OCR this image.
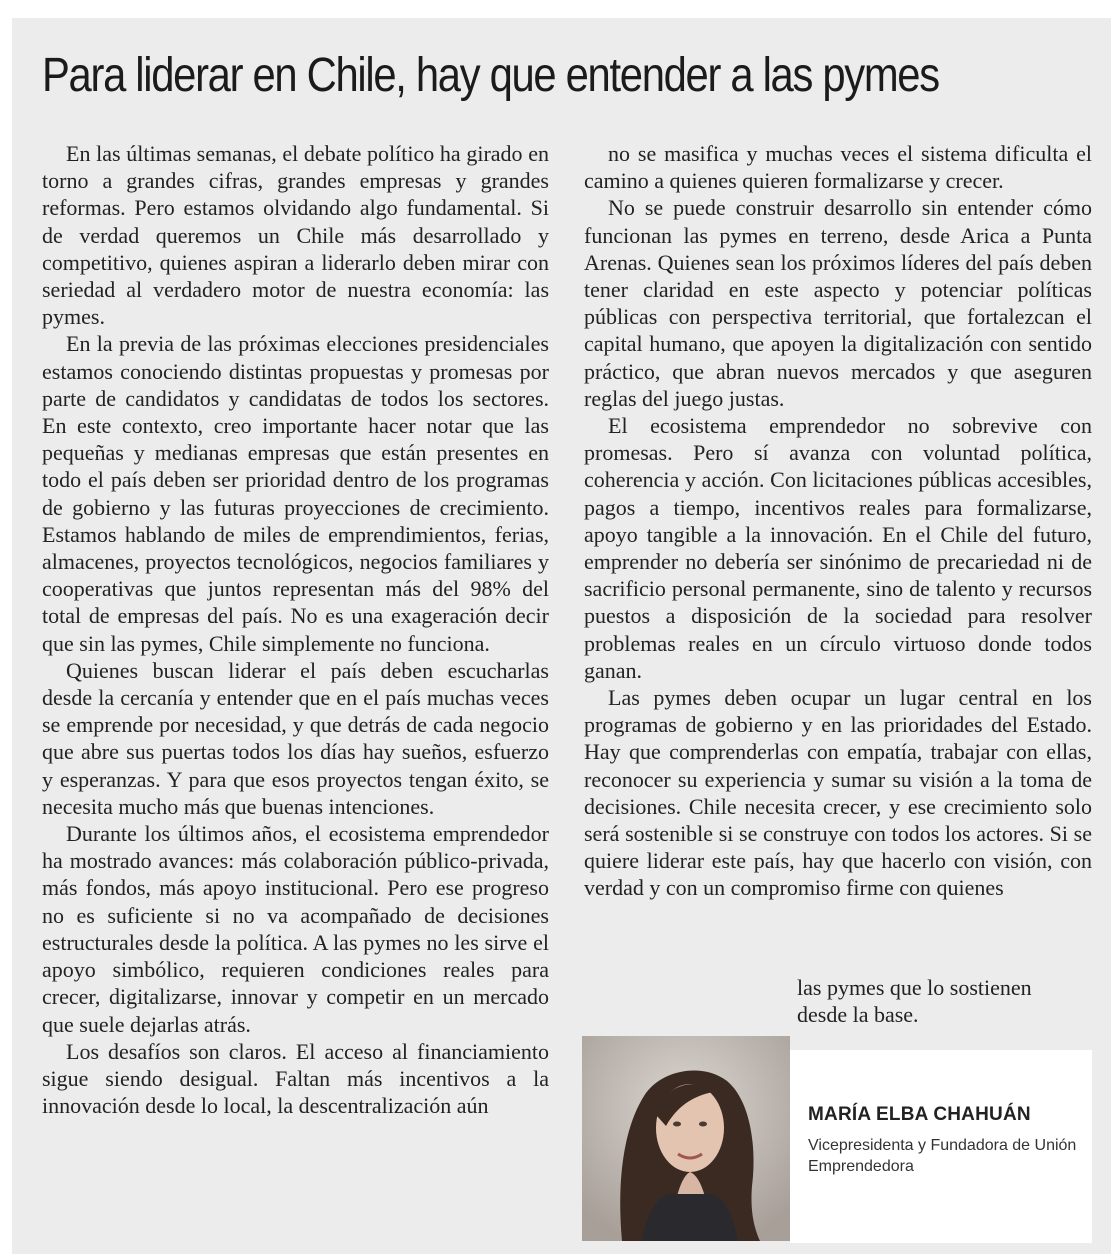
Para liderar en Chile, hay que entender a las pymes

En las últimas semanas, el debate político ha girado en torno a grandes cifras, grandes empresas y grandes reformas. Pero estamos olvidando algo fundamental. Si de verdad queremos un Chile más desarrollado y competitivo, quienes aspiran a liderarlo deben mirar con seriedad al verdadero motor de nuestra economía: las pymes.

En la previa de las próximas elecciones presidenciales estamos conociendo distintas propuestas y promesas por parte de candidatos y candidatas de todos los sectores. En este contexto, creo importante hacer notar que las pequeñas y medianas empresas que están presentes en todo el país deben ser prioridad dentro de los programas de gobierno y las futuras proyecciones de crecimiento. Estamos hablando de miles de emprendimientos, ferias, almacenes, proyectos tecnológicos, negocios familiares y cooperativas que juntos representan más del 98% del total de empresas del país. No es una exageración decir que sin las pymes, Chile simplemente no funciona.

Quienes buscan liderar el país deben escucharlas desde la cercanía y entender que en el país muchas veces se emprende por necesidad, y que detrás de cada negocio que abre sus puertas todos los días hay sueños, esfuerzo y esperanzas. Y para que esos proyectos tengan éxito, se necesita mucho más que buenas intenciones.

Durante los últimos años, el ecosistema emprendedor ha mostrado avances: más colaboración público-privada, más fondos, más apoyo institucional. Pero ese progreso no es suficiente si no va acompañado de decisiones estructurales desde la política. A las pymes no les sirve el apoyo simbólico, requieren condiciones reales para crecer, digitalizarse, innovar y competir en un mercado que suele dejarlas atrás.

Los desafíos son claros. El acceso al financiamiento sigue siendo desigual. Faltan más incentivos a la innovación desde lo local, la descentralización aún

no se masifica y muchas veces el sistema dificulta el camino a quienes quieren formalizarse y crecer.

No se puede construir desarrollo sin entender cómo funcionan las pymes en terreno, desde Arica a Punta Arenas. Quienes sean los próximos líderes del país deben tener claridad en este aspecto y potenciar políticas públicas con perspectiva territorial, que fortalezcan el capital humano, que apoyen la digitalización con sentido práctico, que abran nuevos mercados y que aseguren reglas del juego justas.

El ecosistema emprendedor no sobrevive con promesas. Pero sí avanza con voluntad política, coherencia y acción. Con licitaciones públicas accesibles, pagos a tiempo, incentivos reales para formalizarse, apoyo tangible a la innovación. En el Chile del futuro, emprender no debería ser sinónimo de precariedad ni de sacrificio personal permanente, sino de talento y recursos puestos a disposición de la sociedad para resolver problemas reales en un círculo virtuoso donde todos ganan.

Las pymes deben ocupar un lugar central en los programas de gobierno y en las prioridades del Estado. Hay que comprenderlas con empatía, trabajar con ellas, reconocer su experiencia y sumar su visión a la toma de decisiones. Chile necesita crecer, y ese crecimiento solo será sostenible si se construye con todos los actores. Si se quiere liderar este país, hay que hacerlo con visión, con verdad y con un compromiso firme con quienes

las pymes que lo sostienen
desde la base.
MARÍA ELBA CHAHUÁN
Vicepresidenta y Fundadora de Unión Emprendedora
